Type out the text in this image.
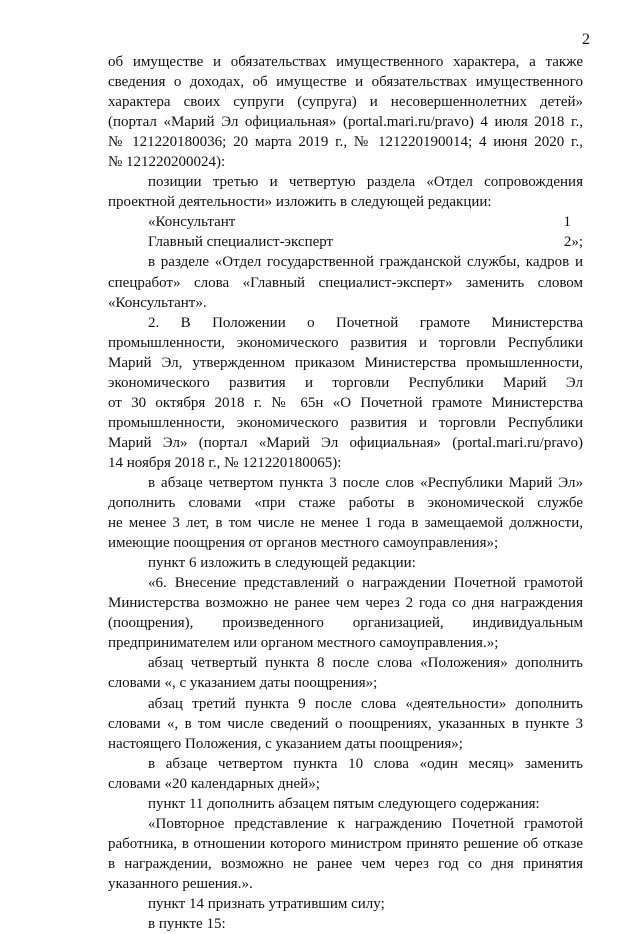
2
об имуществе и обязательствах имущественного характера, а также
сведения о доходах, об имуществе и обязательствах имущественного
характера своих супруги (супруга) и несовершеннолетних детей»
(портал «Марий Эл официальная» (portal.mari.ru/pravo) 4 июля 2018 г.,
№ 121220180036; 20 марта 2019 г., № 121220190014; 4 июня 2020 г.,
№ 121220200024):
позиции третью и четвертую раздела «Отдел сопровождения
проектной деятельности» изложить в следующей редакции:
«Консультант	1
Главный специалист-эксперт	2»;
в разделе «Отдел государственной гражданской службы, кадров и
спецработ» слова «Главный специалист-эксперт» заменить словом
«Консультант».
2. В Положении о Почетной грамоте Министерства
промышленности, экономического развития и торговли Республики
Марий Эл, утвержденном приказом Министерства промышленности,
экономического развития и торговли Республики Марий Эл
от 30 октября 2018 г. № 65н «О Почетной грамоте Министерства
промышленности, экономического развития и торговли Республики
Марий Эл» (портал «Марий Эл официальная» (portal.mari.ru/pravo)
14 ноября 2018 г., № 121220180065):
в абзаце четвертом пункта 3 после слов «Республики Марий Эл»
дополнить словами «при стаже работы в экономической службе
не менее 3 лет, в том числе не менее 1 года в замещаемой должности,
имеющие поощрения от органов местного самоуправления»;
пункт 6 изложить в следующей редакции:
«6. Внесение представлений о награждении Почетной грамотой
Министерства возможно не ранее чем через 2 года со дня награждения
(поощрения), произведенного организацией, индивидуальным
предпринимателем или органом местного самоуправления.»;
абзац четвертый пункта 8 после слова «Положения» дополнить
словами «, с указанием даты поощрения»;
абзац третий пункта 9 после слова «деятельности» дополнить
словами «, в том числе сведений о поощрениях, указанных в пункте 3
настоящего Положения, с указанием даты поощрения»;
в абзаце четвертом пункта 10 слова «один месяц» заменить
словами «20 календарных дней»;
пункт 11 дополнить абзацем пятым следующего содержания:
«Повторное представление к награждению Почетной грамотой
работника, в отношении которого министром принято решение об отказе
в награждении, возможно не ранее чем через год со дня принятия
указанного решения.».
пункт 14 признать утратившим силу;
в пункте 15:
